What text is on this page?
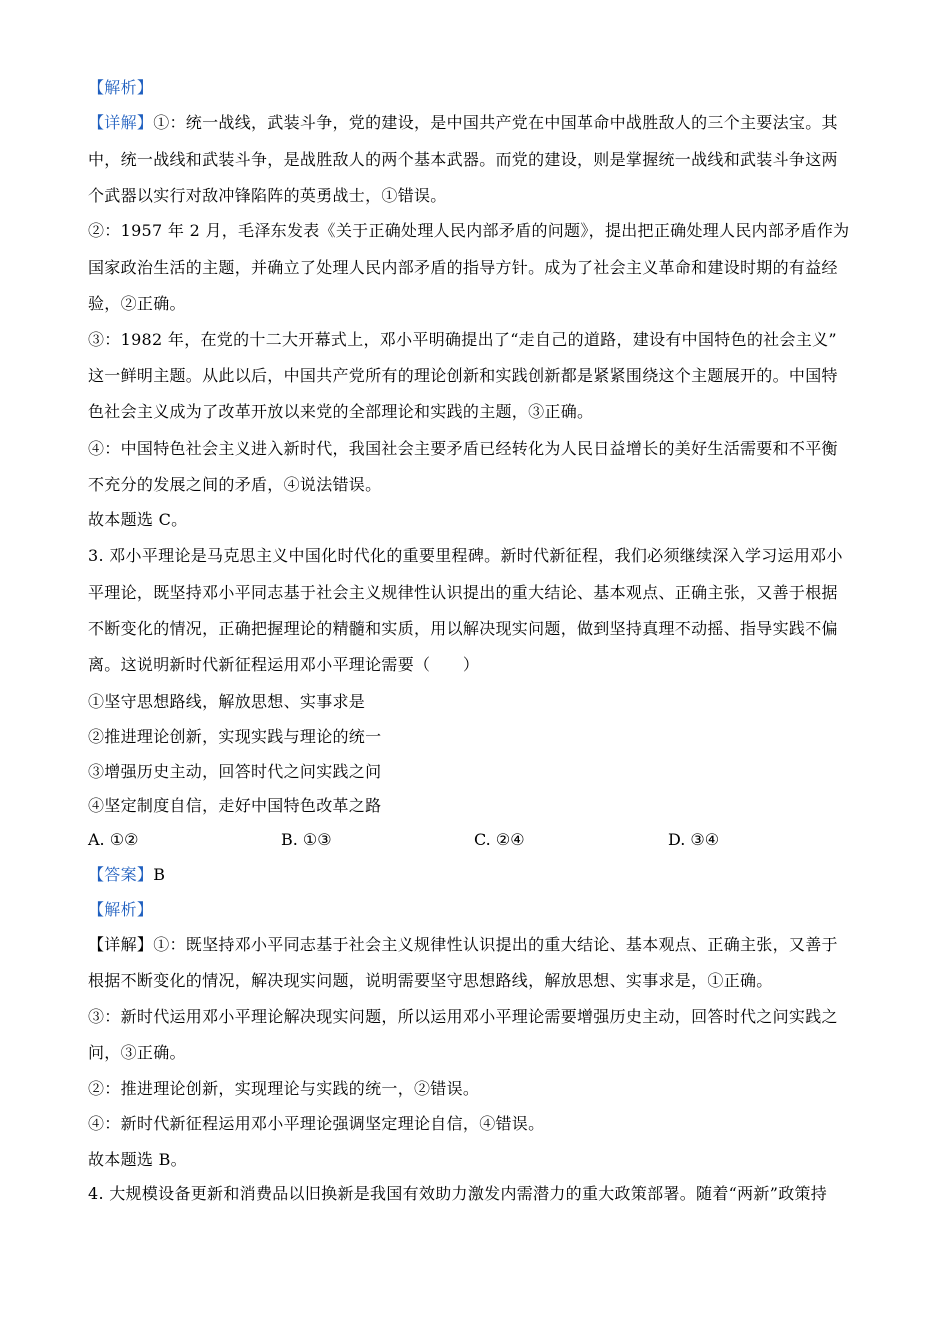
【解析】
【详解】①：统一战线，武装斗争，党的建设，是中国共产党在中国革命中战胜敌人的三个主要法宝。其
中，统一战线和武装斗争，是战胜敌人的两个基本武器。而党的建设，则是掌握统一战线和武装斗争这两
个武器以实行对敌冲锋陷阵的英勇战士，①错误。
②：1957 年 2 月，毛泽东发表《关于正确处理人民内部矛盾的问题》，提出把正确处理人民内部矛盾作为
国家政治生活的主题，并确立了处理人民内部矛盾的指导方针。成为了社会主义革命和建设时期的有益经
验，②正确。
③：1982 年，在党的十二大开幕式上，邓小平明确提出了“走自己的道路，建设有中国特色的社会主义”
这一鲜明主题。从此以后，中国共产党所有的理论创新和实践创新都是紧紧围绕这个主题展开的。中国特
色社会主义成为了改革开放以来党的全部理论和实践的主题，③正确。
④：中国特色社会主义进入新时代，我国社会主要矛盾已经转化为人民日益增长的美好生活需要和不平衡
不充分的发展之间的矛盾，④说法错误。
故本题选 C。
3. 邓小平理论是马克思主义中国化时代化的重要里程碑。新时代新征程，我们必须继续深入学习运用邓小
平理论，既坚持邓小平同志基于社会主义规律性认识提出的重大结论、基本观点、正确主张，又善于根据
不断变化的情况，正确把握理论的精髓和实质，用以解决现实问题，做到坚持真理不动摇、指导实践不偏
离。这说明新时代新征程运用邓小平理论需要（　　）
①坚守思想路线，解放思想、实事求是
②推进理论创新，实现实践与理论的统一
③增强历史主动，回答时代之问实践之问
④坚定制度自信，走好中国特色改革之路
A. ①②	B. ①③	C. ②④	D. ③④
【答案】B
【解析】
【详解】①：既坚持邓小平同志基于社会主义规律性认识提出的重大结论、基本观点、正确主张，又善于
根据不断变化的情况，解决现实问题，说明需要坚守思想路线，解放思想、实事求是，①正确。
③：新时代运用邓小平理论解决现实问题，所以运用邓小平理论需要增强历史主动，回答时代之问实践之
问，③正确。
②：推进理论创新，实现理论与实践的统一，②错误。
④：新时代新征程运用邓小平理论强调坚定理论自信，④错误。
故本题选 B。
4. 大规模设备更新和消费品以旧换新是我国有效助力激发内需潜力的重大政策部署。随着“两新”政策持
